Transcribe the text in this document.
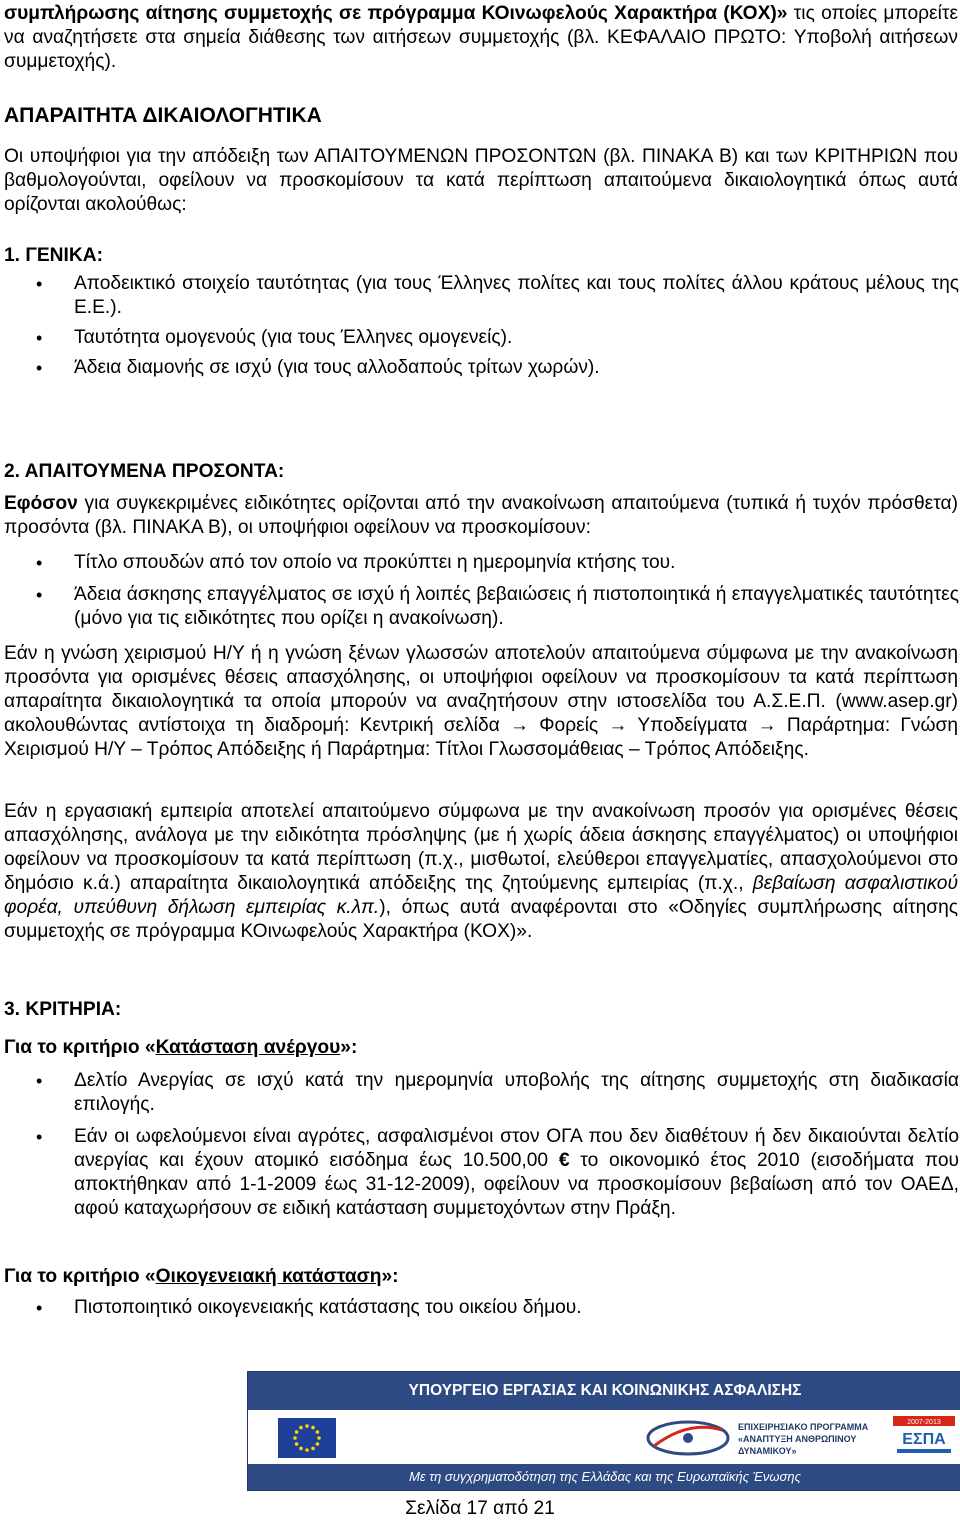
συμπλήρωσης αίτησης συμμετοχής σε πρόγραμμα ΚΟινωφελούς Χαρακτήρα (ΚΟΧ)» τις οποίες μπορείτε να αναζητήσετε στα σημεία διάθεσης των αιτήσεων συμμετοχής (βλ. ΚΕΦΑΛΑΙΟ ΠΡΩΤΟ: Υποβολή αιτήσεων συμμετοχής).

ΑΠΑΡΑΙΤΗΤΑ ΔΙΚΑΙΟΛΟΓΗΤΙΚΑ

Οι υποψήφιοι για την απόδειξη των ΑΠΑΙΤΟΥΜΕΝΩΝ ΠΡΟΣΟΝΤΩΝ (βλ. ΠΙΝΑΚΑ Β) και των ΚΡΙΤΗΡΙΩΝ που βαθμολογούνται, οφείλουν να προσκομίσουν τα κατά περίπτωση απαιτούμενα δικαιολογητικά όπως αυτά ορίζονται ακολούθως:

1. ΓΕΝΙΚΑ:

• Αποδεικτικό στοιχείο ταυτότητας (για τους Έλληνες πολίτες και τους πολίτες άλλου κράτους μέλους της Ε.Ε.).
• Ταυτότητα ομογενούς (για τους Έλληνες ομογενείς).
• Άδεια διαμονής σε ισχύ (για τους αλλοδαπούς τρίτων χωρών).

2. ΑΠΑΙΤΟΥΜΕΝΑ ΠΡΟΣΟΝΤΑ:

Εφόσον για συγκεκριμένες ειδικότητες ορίζονται από την ανακοίνωση απαιτούμενα (τυπικά ή τυχόν πρόσθετα) προσόντα (βλ. ΠΙΝΑΚΑ Β), οι υποψήφιοι οφείλουν να προσκομίσουν:

• Τίτλο σπουδών από τον οποίο να προκύπτει η ημερομηνία κτήσης του.
• Άδεια άσκησης επαγγέλματος σε ισχύ ή λοιπές βεβαιώσεις ή πιστοποιητικά ή επαγγελματικές ταυτότητες (μόνο για τις ειδικότητες που ορίζει η ανακοίνωση).

Εάν η γνώση χειρισμού Η/Υ ή η γνώση ξένων γλωσσών αποτελούν απαιτούμενα σύμφωνα με την ανακοίνωση προσόντα για ορισμένες θέσεις απασχόλησης, οι υποψήφιοι οφείλουν να προσκομίσουν τα κατά περίπτωση απαραίτητα δικαιολογητικά τα οποία μπορούν να αναζητήσουν στην ιστοσελίδα του Α.Σ.Ε.Π. (www.asep.gr) ακολουθώντας αντίστοιχα τη διαδρομή: Κεντρική σελίδα → Φορείς → Υποδείγματα → Παράρτημα: Γνώση Χειρισμού Η/Υ – Τρόπος Απόδειξης ή Παράρτημα: Τίτλοι Γλωσσομάθειας – Τρόπος Απόδειξης.

Εάν η εργασιακή εμπειρία αποτελεί απαιτούμενο σύμφωνα με την ανακοίνωση προσόν για ορισμένες θέσεις απασχόλησης, ανάλογα με την ειδικότητα πρόσληψης (με ή χωρίς άδεια άσκησης επαγγέλματος) οι υποψήφιοι οφείλουν να προσκομίσουν τα κατά περίπτωση (π.χ., μισθωτοί, ελεύθεροι επαγγελματίες, απασχολούμενοι στο δημόσιο κ.ά.) απαραίτητα δικαιολογητικά απόδειξης της ζητούμενης εμπειρίας (π.χ., βεβαίωση ασφαλιστικού φορέα, υπεύθυνη δήλωση εμπειρίας κ.λπ.), όπως αυτά αναφέρονται στο «Οδηγίες συμπλήρωσης αίτησης συμμετοχής σε πρόγραμμα ΚΟινωφελούς Χαρακτήρα (ΚΟΧ)».

3. ΚΡΙΤΗΡΙΑ:

Για το κριτήριο «Κατάσταση ανέργου»:

• Δελτίο Ανεργίας σε ισχύ κατά την ημερομηνία υποβολής της αίτησης συμμετοχής στη διαδικασία επιλογής.
• Εάν οι ωφελούμενοι είναι αγρότες, ασφαλισμένοι στον ΟΓΑ που δεν διαθέτουν ή δεν δικαιούνται δελτίο ανεργίας και έχουν ατομικό εισόδημα έως 10.500,00 € το οικονομικό έτος 2010 (εισοδήματα που αποκτήθηκαν από 1-1-2009 έως 31-12-2009), οφείλουν να προσκομίσουν βεβαίωση από τον ΟΑΕΔ, αφού καταχωρήσουν σε ειδική κατάσταση συμμετοχόντων στην Πράξη.

Για το κριτήριο «Οικογενειακή κατάσταση»:

• Πιστοποιητικό οικογενειακής κατάστασης του οικείου δήμου.
ΥΠΟΥΡΓΕΙΟ ΕΡΓΑΣΙΑΣ ΚΑΙ ΚΟΙΝΩΝΙΚΗΣ ΑΣΦΑΛΙΣΗΣ
ΕΠΙΧΕΙΡΗΣΙΑΚΟ ΠΡΟΓΡΑΜΜΑ «ΑΝΑΠΤΥΞΗ ΑΝΘΡΩΠΙΝΟΥ ΔΥΝΑΜΙΚΟΥ»
2007-2013
ΕΣΠΑ
Με τη συγχρηματοδότηση της Ελλάδας και της Ευρωπαϊκής Ένωσης
Σελίδα 17 από 21
